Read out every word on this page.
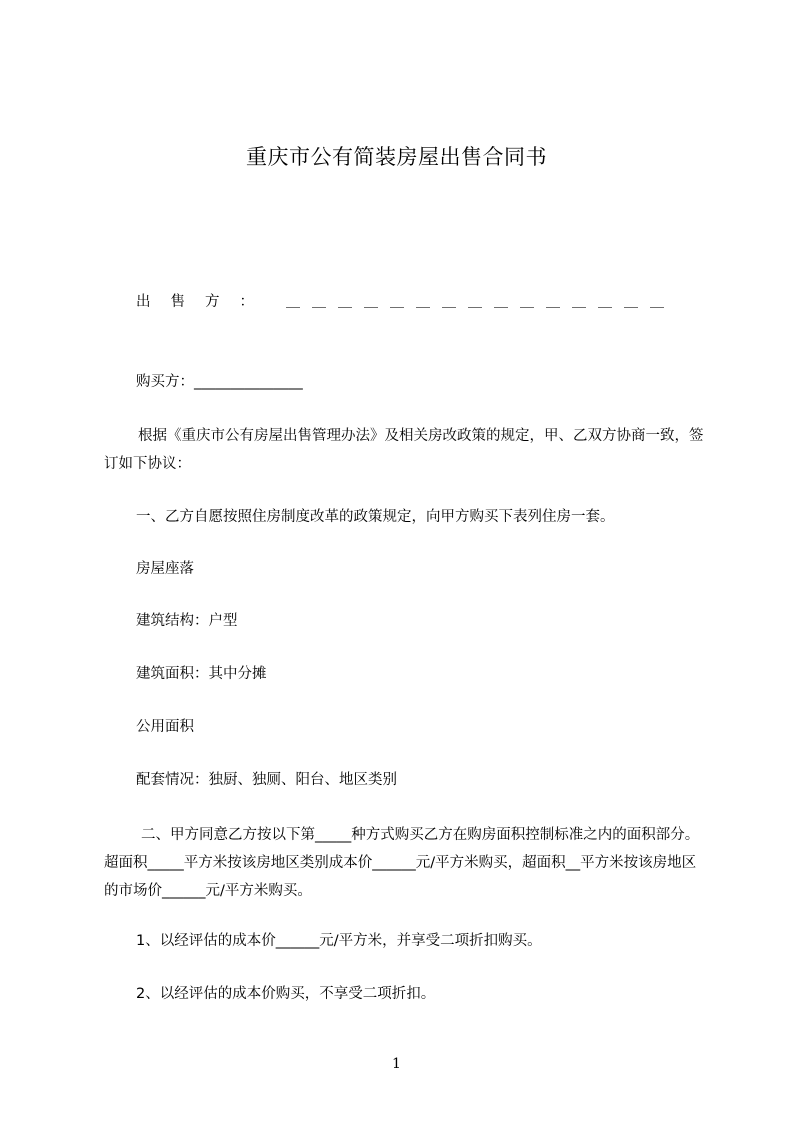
重庆市公有简装房屋出售合同书
出售方： ＿＿＿＿＿＿＿＿＿＿＿＿＿＿＿
购买方：_______________
根据《重庆市公有房屋出售管理办法》及相关房改政策的规定，甲、乙双方协商一致，签订如下协议：
一、乙方自愿按照住房制度改革的政策规定，向甲方购买下表列住房一套。
房屋座落
建筑结构：户型
建筑面积：其中分摊
公用面积
配套情况：独厨、独厕、阳台、地区类别
二、甲方同意乙方按以下第_____种方式购买乙方在购房面积控制标准之内的面积部分。超面积_____平方米按该房地区类别成本价______元/平方米购买，超面积__平方米按该房地区的市场价______元/平方米购买。
1、以经评估的成本价______元/平方米，并享受二项折扣购买。
2、以经评估的成本价购买，不享受二项折扣。
1
